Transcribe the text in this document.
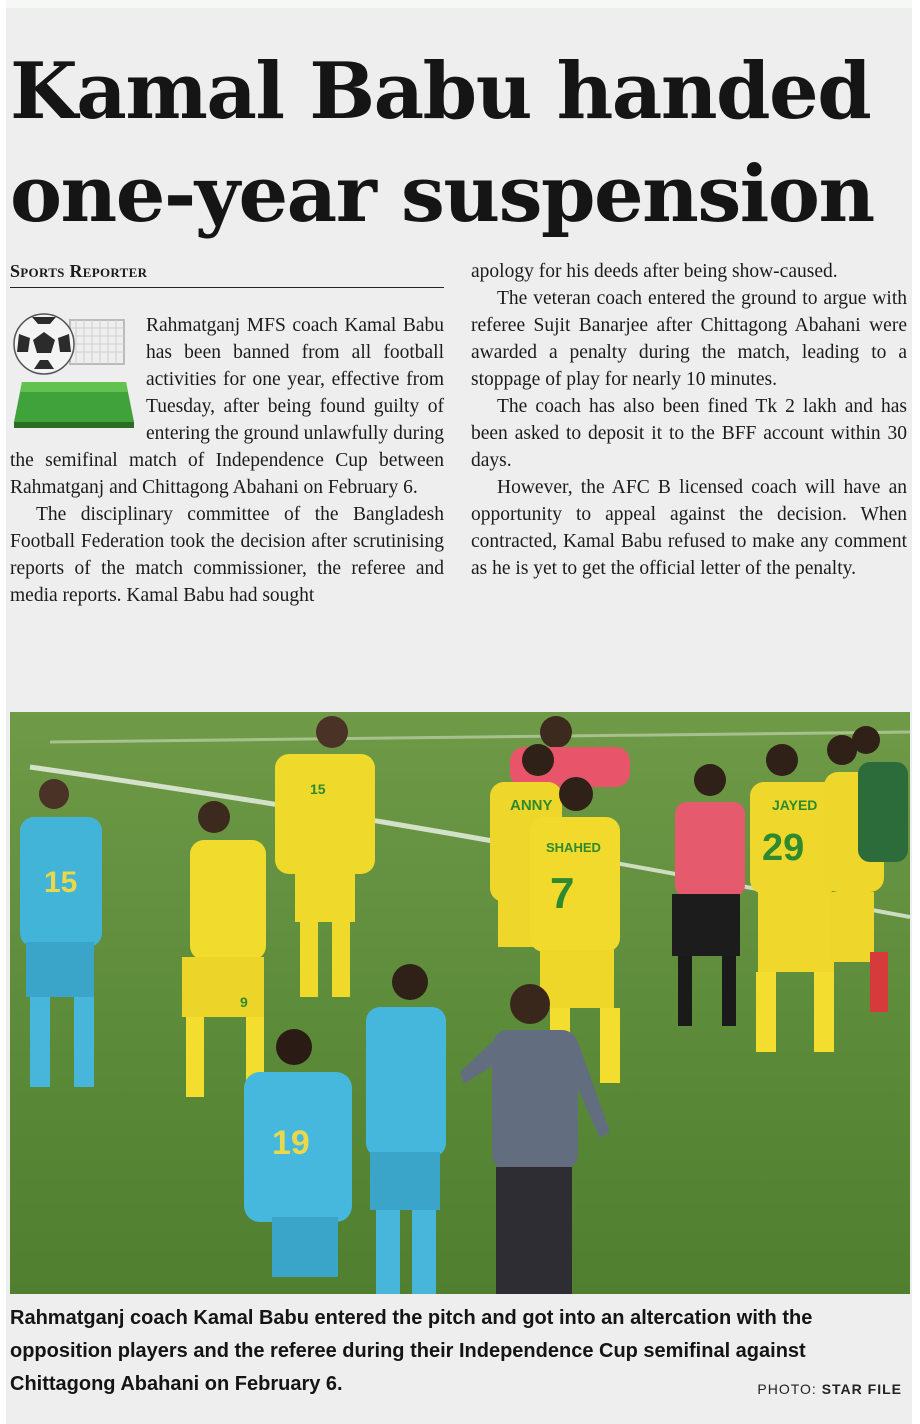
Kamal Babu handed
one-year suspension
Sports Reporter

Rahmatganj MFS coach Kamal Babu has been banned from all football activities for one year, effective from Tuesday, after being found guilty of entering the ground unlawfully during the semifinal match of Independence Cup between Rahmatganj and Chittagong Abahani on February 6.

The disciplinary committee of the Bangladesh Football Federation took the decision after scrutinising reports of the match commissioner, the referee and media reports. Kamal Babu had sought

apology for his deeds after being show-caused.

The veteran coach entered the ground to argue with referee Sujit Banarjee after Chittagong Abahani were awarded a penalty during the match, leading to a stoppage of play for nearly 10 minutes.

The coach has also been fined Tk 2 lakh and has been asked to deposit it to the BFF account within 30 days.

However, the AFC B licensed coach will have an opportunity to appeal against the decision. When contracted, Kamal Babu refused to make any comment as he is yet to get the official letter of the penalty.

15
15
9
ANNY
SHAHED
7
JAYED
29
19
Rahmatganj coach Kamal Babu entered the pitch and got into an altercation with the opposition players and the referee during their Independence Cup semifinal against Chittagong Abahani on February 6.	PHOTO: STAR FILE
